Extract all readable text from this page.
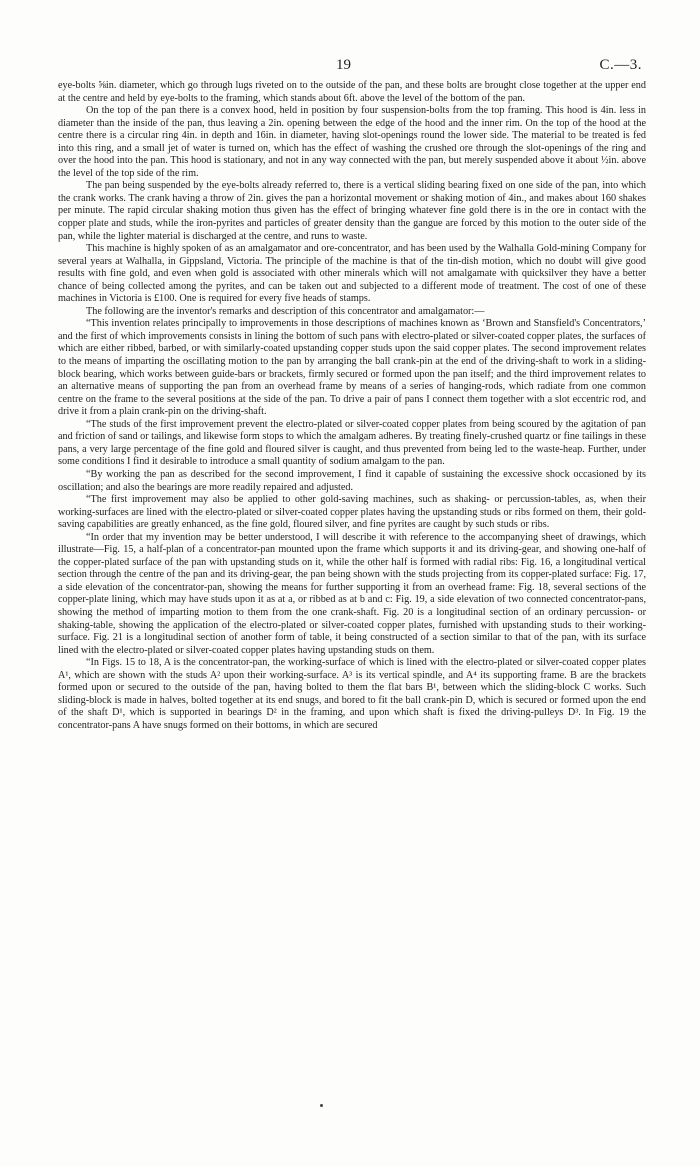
19	C.—3.

eye-bolts ⅝in. diameter, which go through lugs riveted on to the outside of the pan, and these bolts are brought close together at the upper end at the centre and held by eye-bolts to the framing, which stands about 6ft. above the level of the bottom of the pan.

On the top of the pan there is a convex hood, held in position by four suspension-bolts from the top framing. This hood is 4in. less in diameter than the inside of the pan, thus leaving a 2in. opening between the edge of the hood and the inner rim. On the top of the hood at the centre there is a circular ring 4in. in depth and 16in. in diameter, having slot-openings round the lower side. The material to be treated is fed into this ring, and a small jet of water is turned on, which has the effect of washing the crushed ore through the slot-openings of the ring and over the hood into the pan. This hood is stationary, and not in any way connected with the pan, but merely suspended above it about ½in. above the level of the top side of the rim.

The pan being suspended by the eye-bolts already referred to, there is a vertical sliding bearing fixed on one side of the pan, into which the crank works. The crank having a throw of 2in. gives the pan a horizontal movement or shaking motion of 4in., and makes about 160 shakes per minute. The rapid circular shaking motion thus given has the effect of bringing whatever fine gold there is in the ore in contact with the copper plate and studs, while the iron-pyrites and particles of greater density than the gangue are forced by this motion to the outer side of the pan, while the lighter material is discharged at the centre, and runs to waste.

This machine is highly spoken of as an amalgamator and ore-concentrator, and has been used by the Walhalla Gold-mining Company for several years at Walhalla, in Gippsland, Victoria. The principle of the machine is that of the tin-dish motion, which no doubt will give good results with fine gold, and even when gold is associated with other minerals which will not amalgamate with quicksilver they have a better chance of being collected among the pyrites, and can be taken out and subjected to a different mode of treatment. The cost of one of these machines in Victoria is £100. One is required for every five heads of stamps.

The following are the inventor's remarks and description of this concentrator and amalgamator:—

“This invention relates principally to improvements in those descriptions of machines known as ‘Brown and Stansfield's Concentrators,’ and the first of which improvements consists in lining the bottom of such pans with electro-plated or silver-coated copper plates, the surfaces of which are either ribbed, barbed, or with similarly-coated upstanding copper studs upon the said copper plates. The second improvement relates to the means of imparting the oscillating motion to the pan by arranging the ball crank-pin at the end of the driving-shaft to work in a sliding-block bearing, which works between guide-bars or brackets, firmly secured or formed upon the pan itself; and the third improvement relates to an alternative means of supporting the pan from an overhead frame by means of a series of hanging-rods, which radiate from one common centre on the frame to the several positions at the side of the pan. To drive a pair of pans I connect them together with a slot eccentric rod, and drive it from a plain crank-pin on the driving-shaft.

“The studs of the first improvement prevent the electro-plated or silver-coated copper plates from being scoured by the agitation of pan and friction of sand or tailings, and likewise form stops to which the amalgam adheres. By treating finely-crushed quartz or fine tailings in these pans, a very large percentage of the fine gold and floured silver is caught, and thus prevented from being led to the waste-heap. Further, under some conditions I find it desirable to introduce a small quantity of sodium amalgam to the pan.

“By working the pan as described for the second improvement, I find it capable of sustaining the excessive shock occasioned by its oscillation; and also the bearings are more readily repaired and adjusted.

“The first improvement may also be applied to other gold-saving machines, such as shaking- or percussion-tables, as, when their working-surfaces are lined with the electro-plated or silver-coated copper plates having the upstanding studs or ribs formed on them, their gold-saving capabilities are greatly enhanced, as the fine gold, floured silver, and fine pyrites are caught by such studs or ribs.

“In order that my invention may be better understood, I will describe it with reference to the accompanying sheet of drawings, which illustrate—Fig. 15, a half-plan of a concentrator-pan mounted upon the frame which supports it and its driving-gear, and showing one-half of the copper-plated surface of the pan with upstanding studs on it, while the other half is formed with radial ribs: Fig. 16, a longitudinal vertical section through the centre of the pan and its driving-gear, the pan being shown with the studs projecting from its copper-plated surface: Fig. 17, a side elevation of the concentrator-pan, showing the means for further supporting it from an overhead frame: Fig. 18, several sections of the copper-plate lining, which may have studs upon it as at a, or ribbed as at b and c: Fig. 19, a side elevation of two connected concentrator-pans, showing the method of imparting motion to them from the one crank-shaft. Fig. 20 is a longitudinal section of an ordinary percussion- or shaking-table, showing the application of the electro-plated or silver-coated copper plates, furnished with upstanding studs to their working-surface. Fig. 21 is a longitudinal section of another form of table, it being constructed of a section similar to that of the pan, with its surface lined with the electro-plated or silver-coated copper plates having upstanding studs on them.

“In Figs. 15 to 18, A is the concentrator-pan, the working-surface of which is lined with the electro-plated or silver-coated copper plates A¹, which are shown with the studs A² upon their working-surface. A³ is its vertical spindle, and A⁴ its supporting frame. B are the brackets formed upon or secured to the outside of the pan, having bolted to them the flat bars B¹, between which the sliding-block C works. Such sliding-block is made in halves, bolted together at its end snugs, and bored to fit the ball crank-pin D, which is secured or formed upon the end of the shaft D¹, which is supported in bearings D² in the framing, and upon which shaft is fixed the driving-pulleys D³. In Fig. 19 the concentrator-pans A have snugs formed on their bottoms, in which are secured
